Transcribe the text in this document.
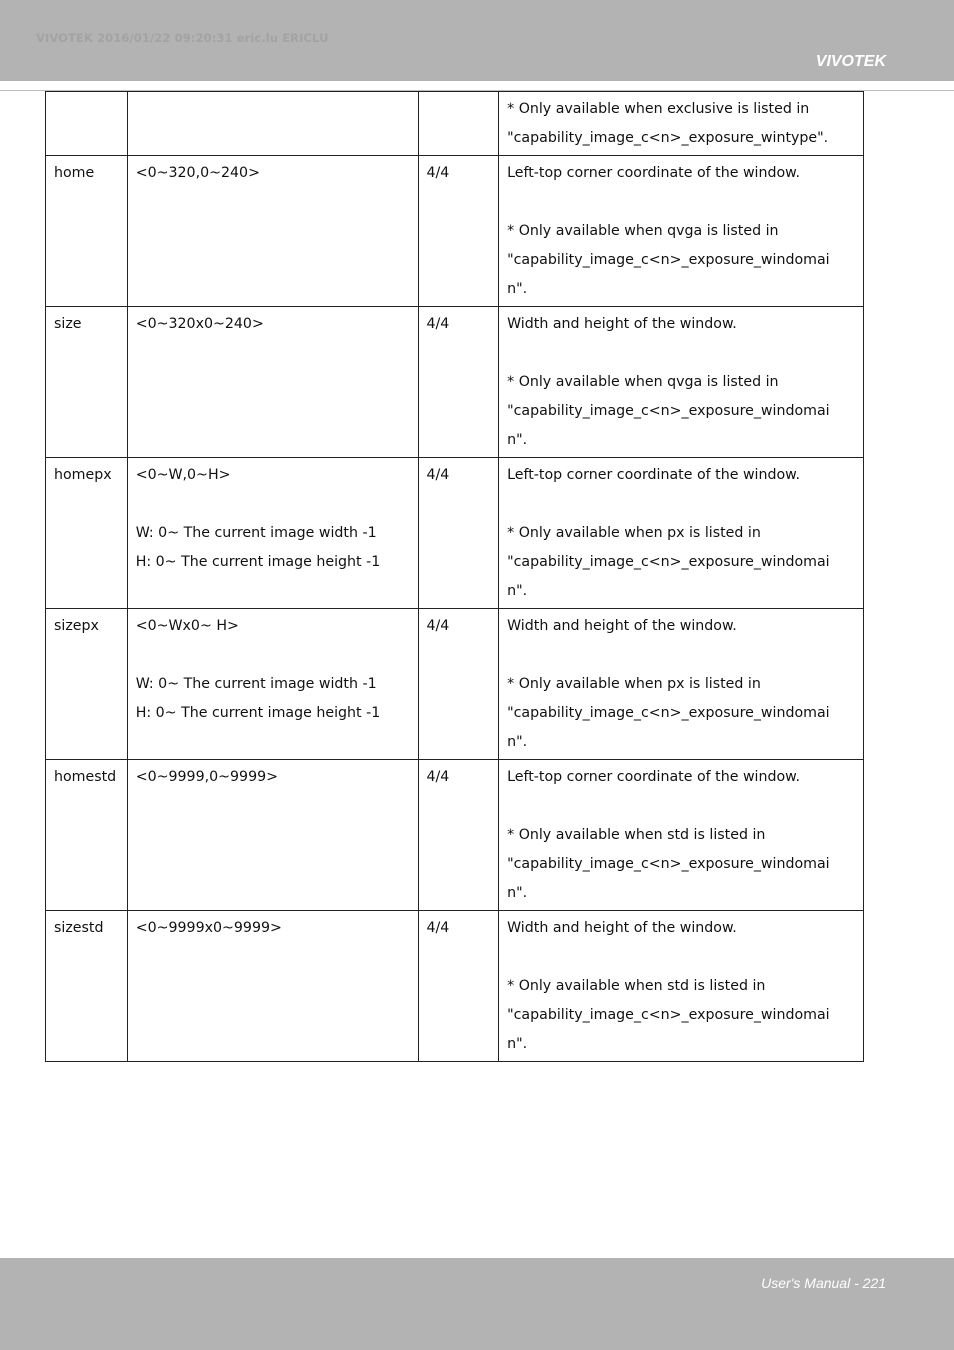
VIVOTEK 2016/01/22 09:20:31 eric.lu ERICLU
VIVOTEK

			* Only available when exclusive is listed in
"capability_image_c<n>_exposure_wintype".

home	<0~320,0~240>	4/4	Left-top corner coordinate of the window.
* Only available when qvga is listed in
"capability_image_c<n>_exposure_windomai
n".

size	<0~320x0~240>	4/4	Width and height of the window.
* Only available when qvga is listed in
"capability_image_c<n>_exposure_windomai
n".

homepx	<0~W,0~H>
W: 0~ The current image width -1
H: 0~ The current image height -1	4/4	Left-top corner coordinate of the window.
* Only available when px is listed in
"capability_image_c<n>_exposure_windomai
n".

sizepx	<0~Wx0~ H>
W: 0~ The current image width -1
H: 0~ The current image height -1	4/4	Width and height of the window.
* Only available when px is listed in
"capability_image_c<n>_exposure_windomai
n".

homestd	<0~9999,0~9999>	4/4	Left-top corner coordinate of the window.
* Only available when std is listed in
"capability_image_c<n>_exposure_windomai
n".

sizestd	<0~9999x0~9999>	4/4	Width and height of the window.
* Only available when std is listed in
"capability_image_c<n>_exposure_windomai
n".
User's Manual - 221
